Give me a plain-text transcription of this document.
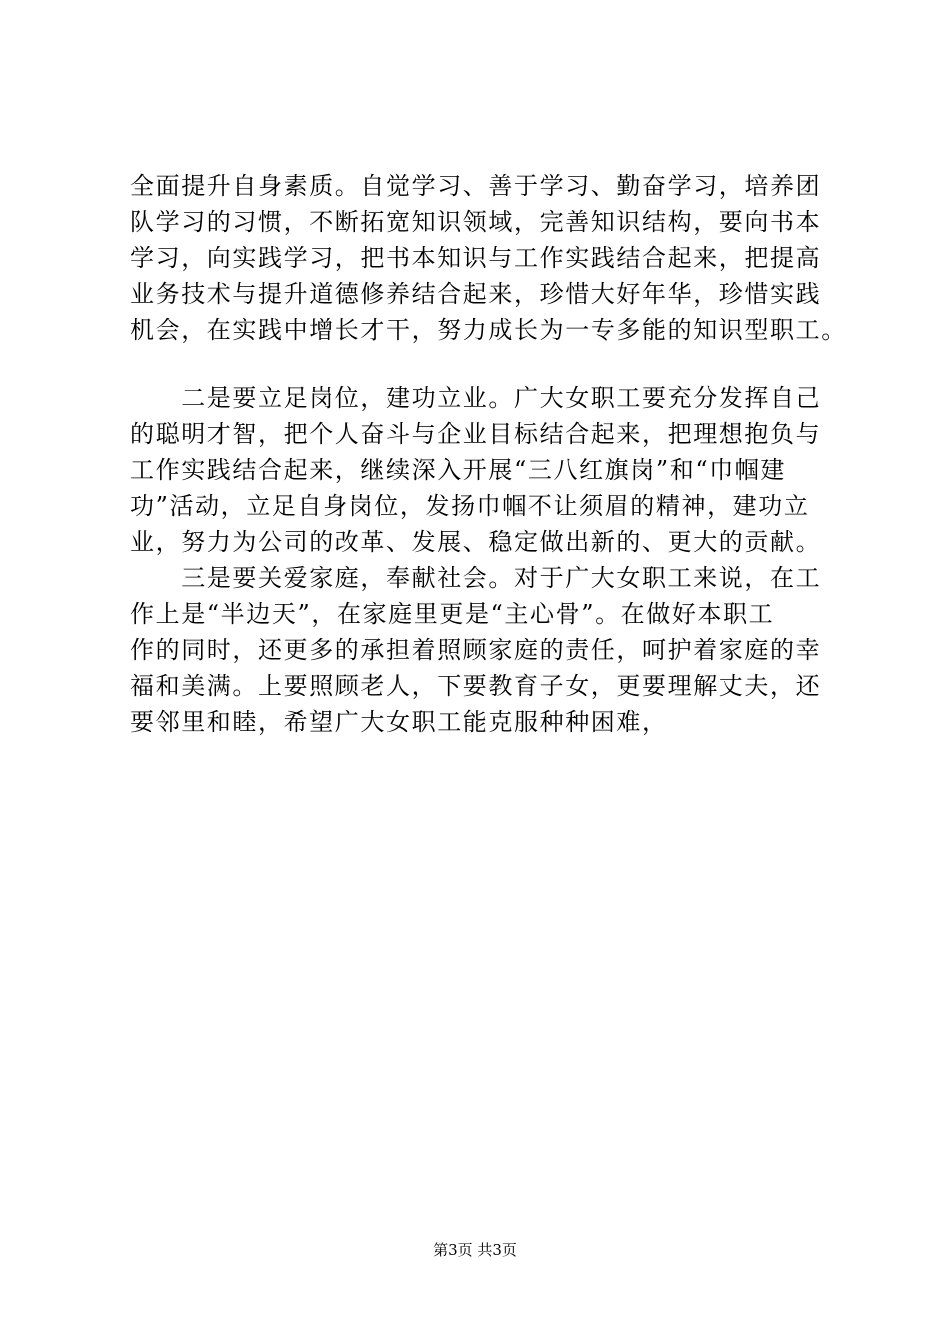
全面提升自身素质。自觉学习、善于学习、勤奋学习，培养团
队学习的习惯，不断拓宽知识领域，完善知识结构，要向书本
学习，向实践学习，把书本知识与工作实践结合起来，把提高
业务技术与提升道德修养结合起来，珍惜大好年华，珍惜实践
机会，在实践中增长才干，努力成长为一专多能的知识型职工。
　　二是要立足岗位，建功立业。广大女职工要充分发挥自己
的聪明才智，把个人奋斗与企业目标结合起来，把理想抱负与
工作实践结合起来，继续深入开展“三八红旗岗”和“巾帼建
功”活动，立足自身岗位，发扬巾帼不让须眉的精神，建功立
业，努力为公司的改革、发展、稳定做出新的、更大的贡献。
　　三是要关爱家庭，奉献社会。对于广大女职工来说，在工
作上是“半边天”，在家庭里更是“主心骨”。在做好本职工
作的同时，还更多的承担着照顾家庭的责任，呵护着家庭的幸
福和美满。上要照顾老人，下要教育子女，更要理解丈夫，还
要邻里和睦，希望广大女职工能克服种种困难，
第3页 共3页
